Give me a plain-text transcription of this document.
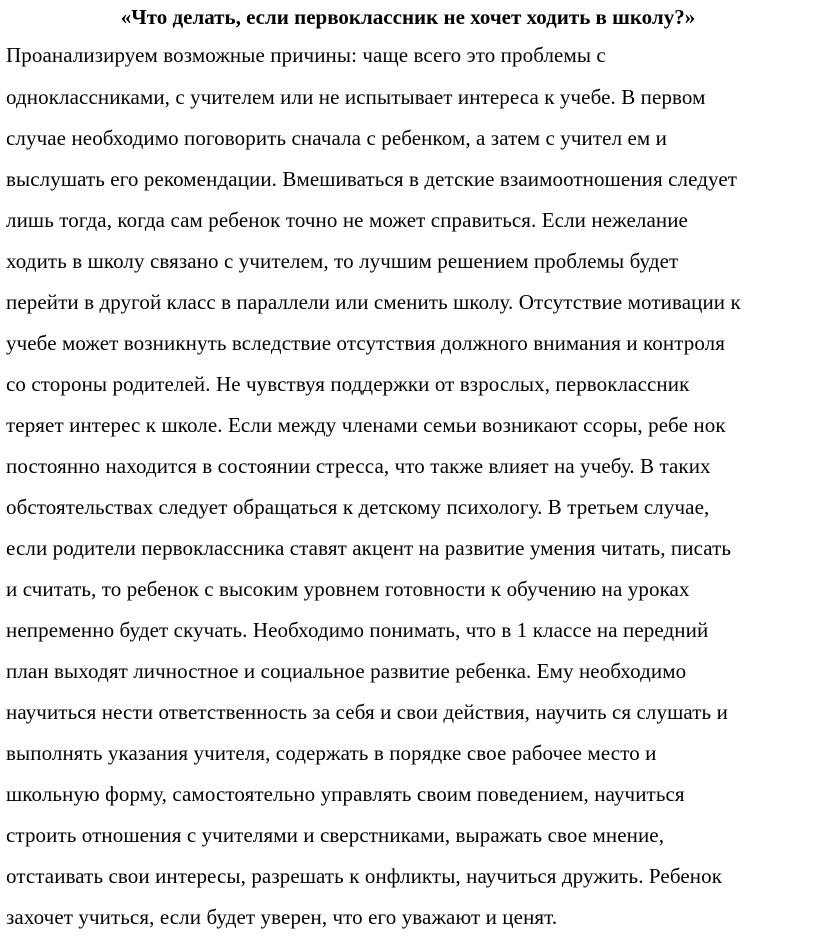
«Что делать, если первоклассник не хочет ходить в школу?»
Проанализируем возможные причины: чаще всего это проблемы с
одноклассниками, с учителем или не испытывает интереса к учебе. В первом
случае необходимо поговорить сначала с ребенком, а затем с учител ем и
выслушать его рекомендации. Вмешиваться в детские взаимоотношения следует
лишь тогда, когда сам ребенок точно не может справиться. Если нежелание
ходить в школу связано с учителем, то лучшим решением проблемы будет
перейти в другой класс в параллели или сменить школу. Отсутствие мотивации к
учебе может возникнуть вследствие отсутствия должного внимания и контроля
со стороны родителей. Не чувствуя поддержки от взрослых, первоклассник
теряет интерес к школе. Если между членами семьи возникают ссоры, ребе нок
постоянно находится в состоянии стресса, что также влияет на учебу. В таких
обстоятельствах следует обращаться к детскому психологу. В третьем случае,
если родители первоклассника ставят акцент на развитие умения читать, писать
и считать, то ребенок с высоким уровнем готовности к обучению на уроках
непременно будет скучать. Необходимо понимать, что в 1 классе на передний
план выходят личностное и социальное развитие ребенка. Ему необходимо
научиться нести ответственность за себя и свои действия, научить ся слушать и
выполнять указания учителя, содержать в порядке свое рабочее место и
школьную форму, самостоятельно управлять своим поведением, научиться
строить отношения с учителями и сверстниками, выражать свое мнение,
отстаивать свои интересы, разрешать к онфликты, научиться дружить. Ребенок
захочет учиться, если будет уверен, что его уважают и ценят.
